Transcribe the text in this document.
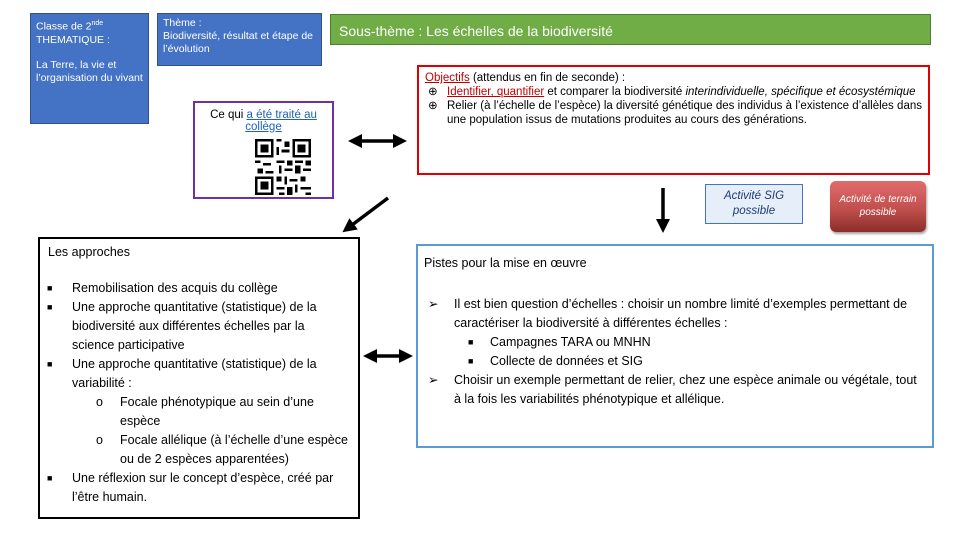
Classe de 2nde
THEMATIQUE :
La Terre, la vie et l’organisation du vivant
Thème :
Biodiversité, résultat et étape de l’évolution
Sous-thème : Les échelles de la biodiversité
Ce qui a été traité au collège
Objectifs (attendus en fin de seconde) :
⊕ Identifier, quantifier et comparer la biodiversité interindividuelle, spécifique et écosystémique
⊕ Relier (à l’échelle de l’espèce) la diversité génétique des individus à l’existence d’allèles dans une population issus de mutations produites au cours des générations.
Activité SIG possible
Activité de terrain possible
Les approches
■ Remobilisation des acquis du collège
■ Une approche quantitative (statistique) de la biodiversité aux différentes échelles par la science participative
■ Une approche quantitative (statistique) de la variabilité :
o Focale phénotypique au sein d’une espèce
o Focale allélique (à l’échelle d’une espèce ou de 2 espèces apparentées)
■ Une réflexion sur le concept d’espèce, créé par l’être humain.
Pistes pour la mise en œuvre
➢ Il est bien question d’échelles : choisir un nombre limité d’exemples permettant de caractériser la biodiversité à différentes échelles :
■ Campagnes TARA ou MNHN
■ Collecte de données et SIG
➢ Choisir un exemple permettant de relier, chez une espèce animale ou végétale, tout à la fois les variabilités phénotypique et allélique.
